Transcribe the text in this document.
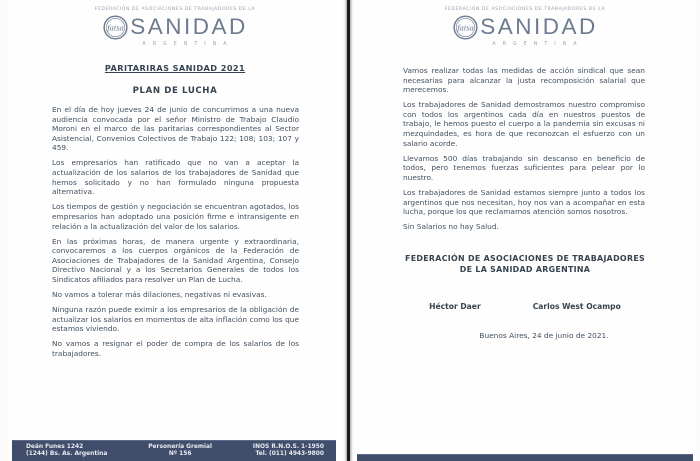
FEDERACIÓN DE ASOCIACIONES DE TRABAJADORES DE LA
fatsa SANIDAD
ARGENTINA
PARITARIRAS SANIDAD 2021
PLAN DE LUCHA

En el día de hoy jueves 24 de junio de concurrimos a una nueva audiencia convocada por el señor Ministro de Trabajo Claudio Moroni en el marco de las paritarias correspondientes al Sector Asistencial, Convenios Colectivos de Trabajo 122; 108; 103; 107 y 459.

Los empresarios han ratificado que no van a aceptar la actualización de los salarios de los trabajadores de Sanidad que hemos solicitado y no han formulado ninguna propuesta alternativa.

Los tiempos de gestión y negociación se encuentran agotados, los empresarios han adoptado una posición firme e intransigente en relación a la actualización del valor de los salarios.

En las próximas horas, de manera urgente y extraordinaria, convocaremos a los cuerpos orgánicos de la Federación de Asociaciones de Trabajadores de la Sanidad Argentina, Consejo Directivo Nacional y a los Secretarios Generales de todos los Sindicatos afiliados para resolver un Plan de Lucha.

No vamos a tolerar más dilaciones, negativas ni evasivas.

Ninguna razón puede eximir a los empresarios de la obligación de actualizar los salarios en momentos de alta inflación como los que estamos viviendo.

No vamos a resignar el poder de compra de los salarios de los trabajadores.

Deán Funes 1242
(1244) Bs. As. Argentina
Personería Gremial
Nº 156
INOS R.N.O.S. 1-1950
Tel. (011) 4943-9800
FEDERACIÓN DE ASOCIACIONES DE TRABAJADORES DE LA
fatsa SANIDAD
ARGENTINA

Vamos realizar todas las medidas de acción sindical que sean necesarias para alcanzar la justa recomposición salarial que merecemos.

Los trabajadores de Sanidad demostramos nuestro compromiso con todos los argentinos cada día en nuestros puestos de trabajo, le hemos puesto el cuerpo a la pandemia sin excusas ni mezquindades, es hora de que reconozcan el esfuerzo con un salario acorde.

Llevamos 500 días trabajando sin descanso en beneficio de todos, pero tenemos fuerzas suficientes para pelear por lo nuestro.

Los trabajadores de Sanidad estamos siempre junto a todos los argentinos que nos necesitan, hoy nos van a acompañar en esta lucha, porque los que reclamamos atención somos nosotros.

Sin Salarios no hay Salud.

FEDERACIÓN DE ASOCIACIONES DE TRABAJADORES
DE LA SANIDAD ARGENTINA
Héctor Daer	Carlos West Ocampo
Buenos Aires, 24 de junio de 2021.
